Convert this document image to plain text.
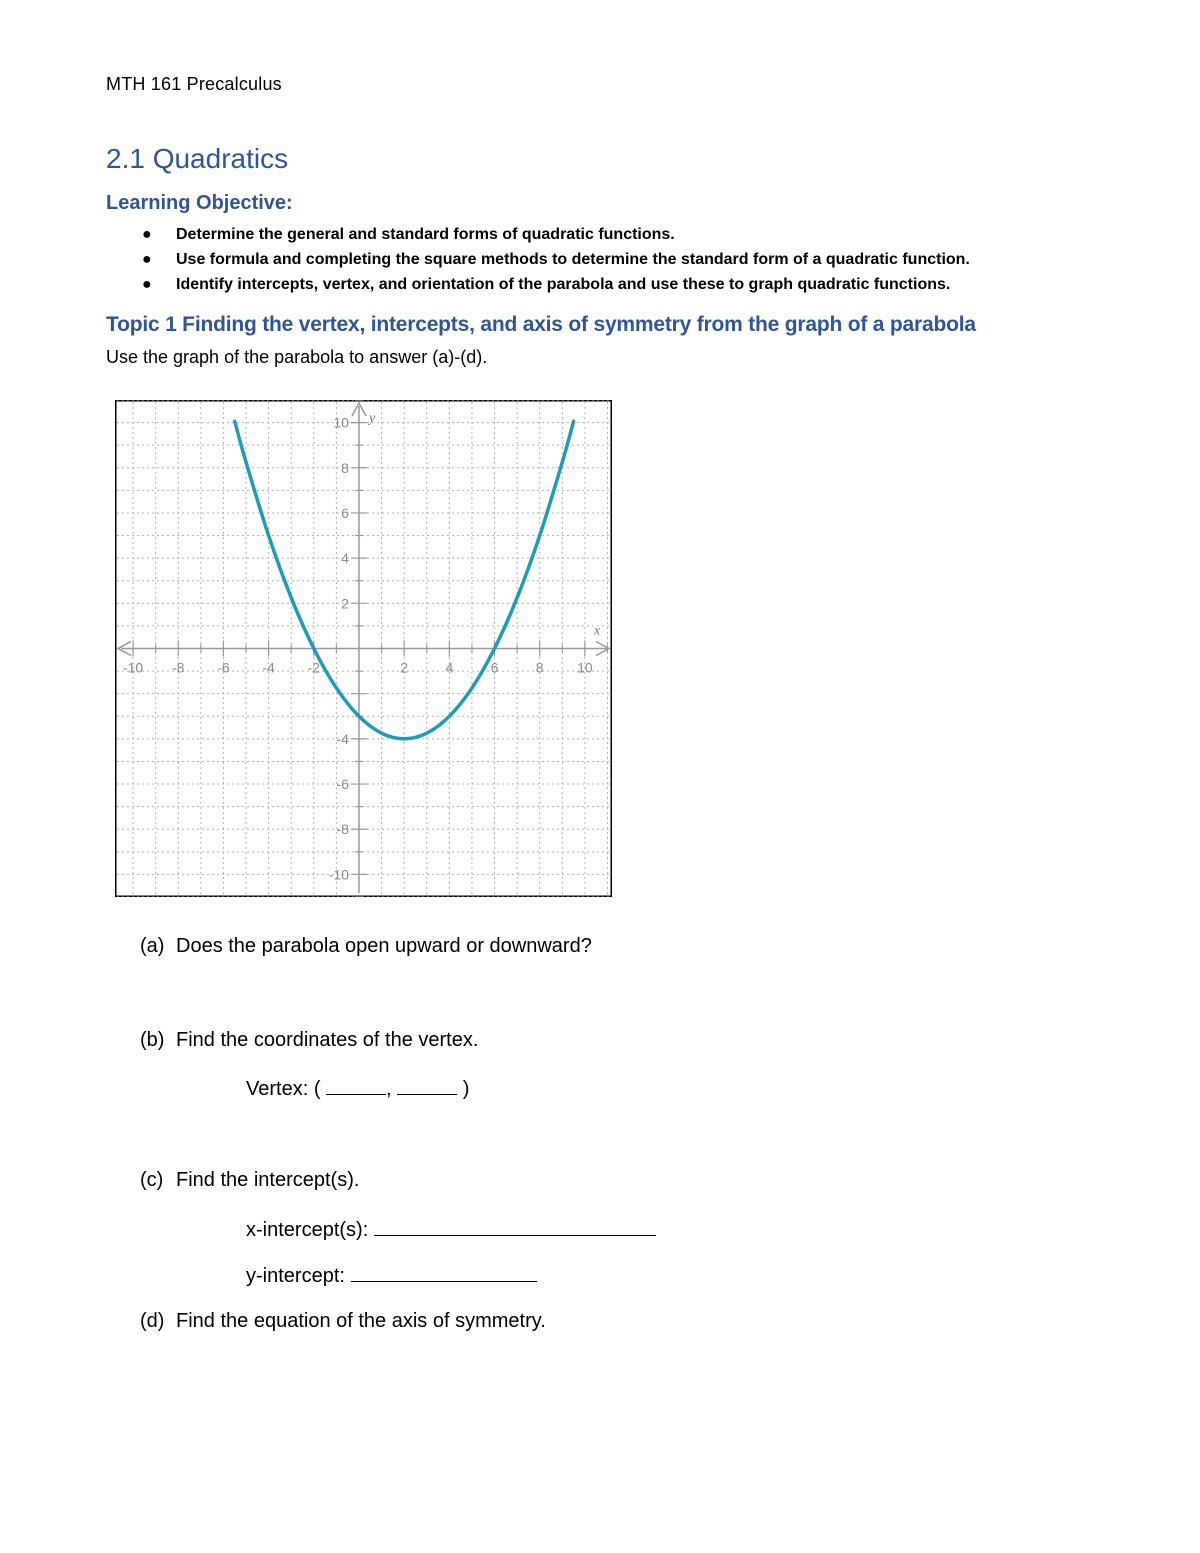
MTH 161 Precalculus

2.1 Quadratics
Learning Objective:
● Determine the general and standard forms of quadratic functions.
● Use formula and completing the square methods to determine the standard form of a quadratic function.
● Identify intercepts, vertex, and orientation of the parabola and use these to graph quadratic functions.
Topic 1 Finding the vertex, intercepts, and axis of symmetry from the graph of a parabola

Use the graph of the parabola to answer (a)-(d).

-10 -8 -6 -4 -2	2	4	6	8 10
-10
-8
-6
-4
2
4
6
8
10
x
y

(a) Does the parabola open upward or downward?

(b) Find the coordinates of the vertex.

Vertex: (	,	)

(c) Find the intercept(s).

x-intercept(s):

y-intercept:

(d) Find the equation of the axis of symmetry.
